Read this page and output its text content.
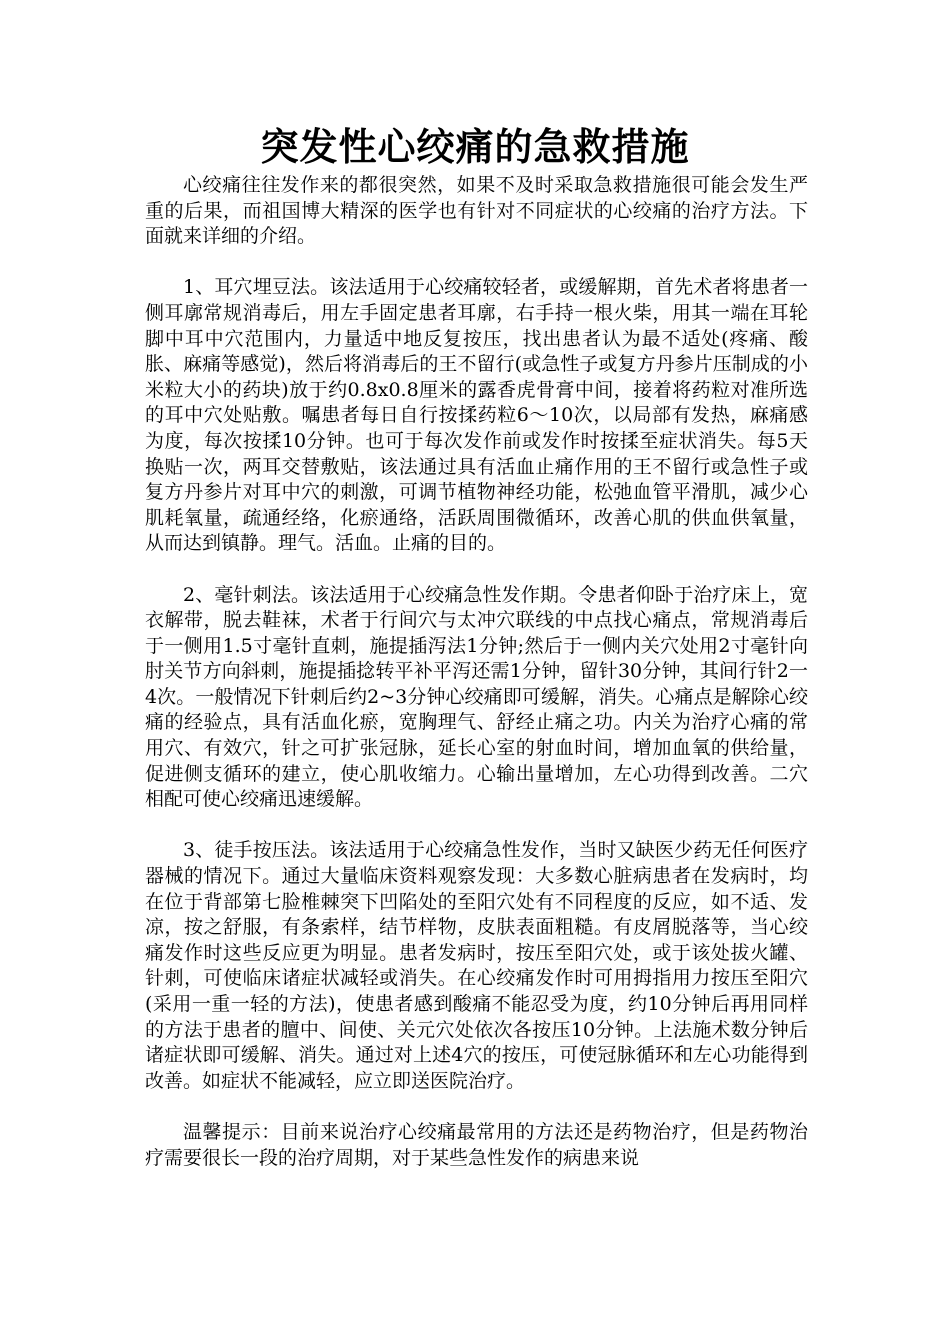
突发性心绞痛的急救措施

心绞痛往往发作来的都很突然，如果不及时采取急救措施很可能会发生严重的后果，而祖国博大精深的医学也有针对不同症状的心绞痛的治疗方法。下面就来详细的介绍。

1、耳穴埋豆法。该法适用于心绞痛较轻者，或缓解期，首先术者将患者一侧耳廓常规消毒后，用左手固定患者耳廓，右手持一根火柴，用其一端在耳轮脚中耳中穴范围内，力量适中地反复按压，找出患者认为最不适处(疼痛、酸胀、麻痛等感觉)，然后将消毒后的王不留行(或急性子或复方丹参片压制成的小米粒大小的药块)放于约0.8x0.8厘米的露香虎骨膏中间，接着将药粒对准所选的耳中穴处贴敷。嘱患者每日自行按揉药粒6～10次，以局部有发热，麻痛感为度，每次按揉10分钟。也可于每次发作前或发作时按揉至症状消失。每5天换贴一次，两耳交替敷贴，该法通过具有活血止痛作用的王不留行或急性子或复方丹参片对耳中穴的刺激，可调节植物神经功能，松弛血管平滑肌，减少心肌耗氧量，疏通经络，化瘀通络，活跃周围微循环，改善心肌的供血供氧量，从而达到镇静。理气。活血。止痛的目的。

2、毫针刺法。该法适用于心绞痛急性发作期。令患者仰卧于治疗床上，宽衣解带，脱去鞋袜，术者于行间穴与太冲穴联线的中点找心痛点，常规消毒后于一侧用1.5寸毫针直刺，施提插泻法1分钟;然后于一侧内关穴处用2寸毫针向肘关节方向斜刺，施提插捻转平补平泻还需1分钟，留针30分钟，其间行针2一4次。一般情况下针刺后约2~3分钟心绞痛即可缓解，消失。心痛点是解除心绞痛的经验点，具有活血化瘀，宽胸理气、舒经止痛之功。内关为治疗心痛的常用穴、有效穴，针之可扩张冠脉，延长心室的射血时间，增加血氧的供给量，促进侧支循环的建立，使心肌收缩力。心输出量增加，左心功得到改善。二穴相配可使心绞痛迅速缓解。

3、徒手按压法。该法适用于心绞痛急性发作，当时又缺医少药无任何医疗器械的情况下。通过大量临床资料观察发现：大多数心脏病患者在发病时，均在位于背部第七脸椎棘突下凹陷处的至阳穴处有不同程度的反应，如不适、发凉，按之舒服，有条索样，结节样物，皮肤表面粗糙。有皮屑脱落等，当心绞痛发作时这些反应更为明显。患者发病时，按压至阳穴处，或于该处拔火罐、针刺，可使临床诸症状减轻或消失。在心绞痛发作时可用拇指用力按压至阳穴(采用一重一轻的方法)，使患者感到酸痛不能忍受为度，约10分钟后再用同样的方法于患者的膻中、间使、关元穴处依次各按压10分钟。上法施术数分钟后诸症状即可缓解、消失。通过对上述4穴的按压，可使冠脉循环和左心功能得到改善。如症状不能减轻，应立即送医院治疗。

温馨提示：目前来说治疗心绞痛最常用的方法还是药物治疗，但是药物治疗需要很长一段的治疗周期，对于某些急性发作的病患来说
